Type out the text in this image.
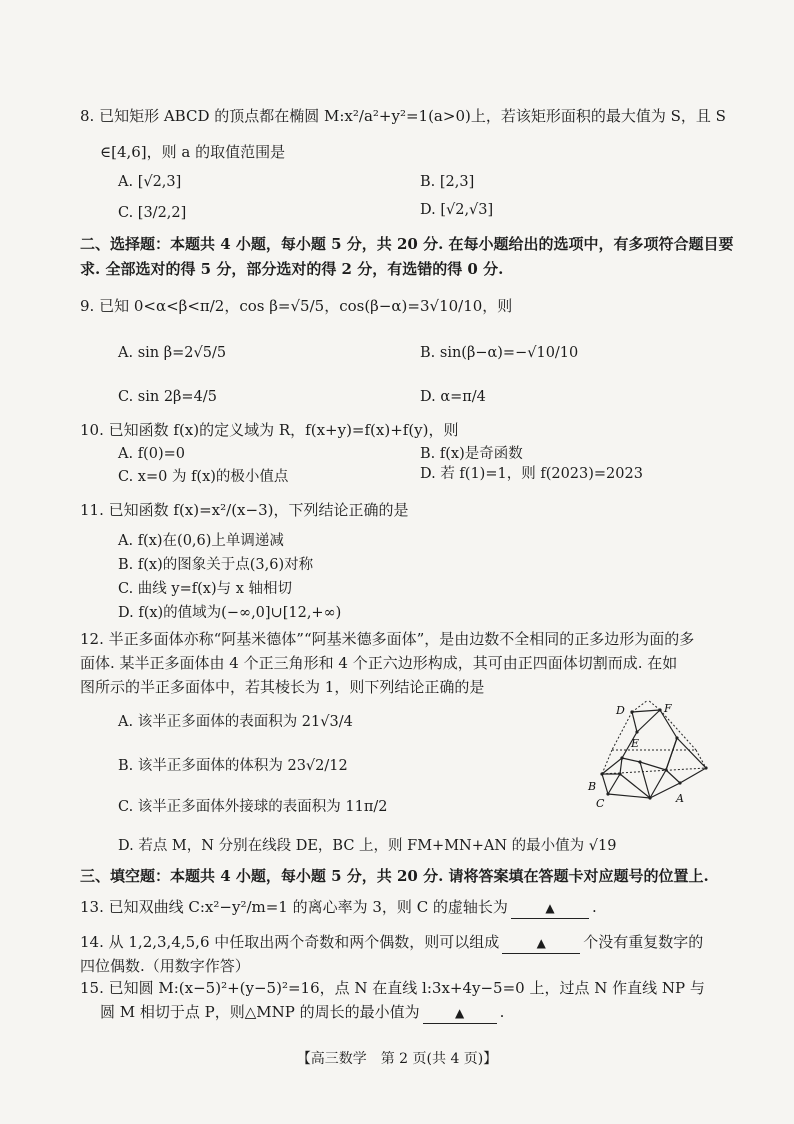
8. 已知矩形 ABCD 的顶点都在椭圆 M:x²/a²+y²=1(a>0)上，若该矩形面积的最大值为 S，且 S
∈[4,6]，则 a 的取值范围是
A. [√2,3]	B. [2,3]
C. [3/2,2]	D. [√2,√3]
二、选择题：本题共 4 小题，每小题 5 分，共 20 分. 在每小题给出的选项中，有多项符合题目要
求. 全部选对的得 5 分，部分选对的得 2 分，有选错的得 0 分.
9. 已知 0<α<β<π/2，cos β=√5/5，cos(β−α)=3√10/10，则
A. sin β=2√5/5	B. sin(β−α)=−√10/10
C. sin 2β=4/5	D. α=π/4
10. 已知函数 f(x)的定义域为 R，f(x+y)=f(x)+f(y)，则
A. f(0)=0	B. f(x)是奇函数
C. x=0 为 f(x)的极小值点	D. 若 f(1)=1，则 f(2023)=2023
11. 已知函数 f(x)=x²/(x−3)，下列结论正确的是
A. f(x)在(0,6)上单调递减
B. f(x)的图象关于点(3,6)对称
C. 曲线 y=f(x)与 x 轴相切
D. f(x)的值域为(−∞,0]∪[12,+∞)
12. 半正多面体亦称“阿基米德体”“阿基米德多面体”，是由边数不全相同的正多边形为面的多
面体. 某半正多面体由 4 个正三角形和 4 个正六边形构成，其可由正四面体切割而成. 在如
图所示的半正多面体中，若其棱长为 1，则下列结论正确的是
A. 该半正多面体的表面积为 21√3/4
B. 该半正多面体的体积为 23√2/12
C. 该半正多面体外接球的表面积为 11π/2
D. 若点 M，N 分别在线段 DE，BC 上，则 FM+MN+AN 的最小值为 √19
D	F
E
B
C	A
三、填空题：本题共 4 小题，每小题 5 分，共 20 分. 请将答案填在答题卡对应题号的位置上.
13. 已知双曲线 C:x²−y²/m=1 的离心率为 3，则 C 的虚轴长为	▲ .
14. 从 1,2,3,4,5,6 中任取出两个奇数和两个偶数，则可以组成	▲ 个没有重复数字的
四位偶数.（用数字作答）
15. 已知圆 M:(x−5)²+(y−5)²=16，点 N 在直线 l:3x+4y−5=0 上，过点 N 作直线 NP 与
圆 M 相切于点 P，则△MNP 的周长的最小值为	▲ .
【高三数学　第 2 页(共 4 页)】
